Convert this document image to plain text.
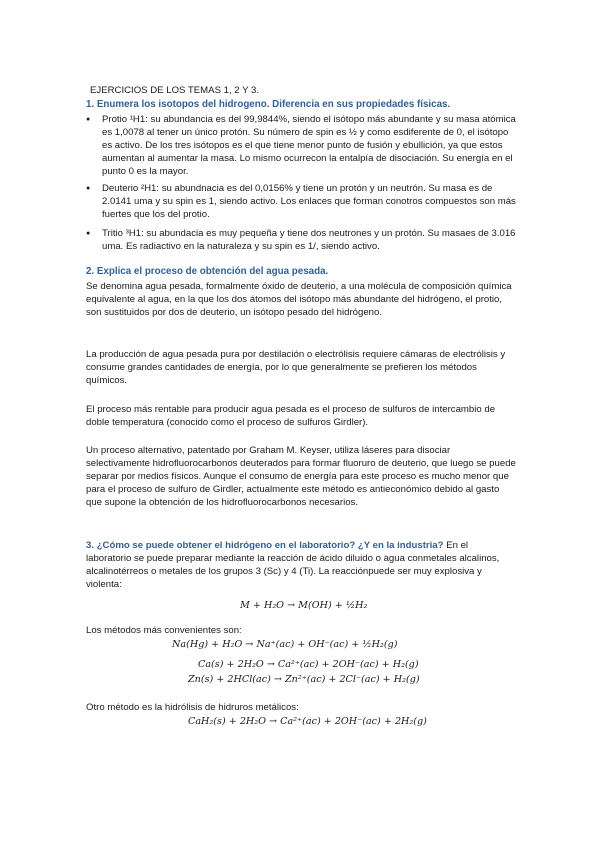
EJERCICIOS DE LOS TEMAS 1, 2 Y 3.
1. Enumera los isotopos del hidrogeno. Diferencia en sus propiedades físicas.
● Protio ¹H1: su abundancia es del 99,9844%, siendo el isótopo más abundante y su masa atómica es 1,0078 al tener un único protón. Su número de spin es ½ y como esdiferente de 0, el isótopo es activo. De los tres isótopos es el que tiene menor punto de fusión y ebullición, ya que estos aumentan al aumentar la masa. Lo mismo ocurrecon la entalpía de disociación. Su energía en el punto 0 es la mayor.
● Deuterio ²H1: su abundnacia es del 0,0156% y tiene un protón y un neutrón. Su masa es de 2.0141 uma y su spin es 1, siendo activo. Los enlaces que forman conotros compuestos son más fuertes que los del protio.
● Tritio ³H1: su abundacia es muy pequeña y tiene dos neutrones y un protón. Su masaes de 3.016 uma. Es radiactivo en la naturaleza y su spin es 1/, siendo activo.
2. Explica el proceso de obtención del agua pesada.

Se denomina agua pesada, formalmente óxido de deuterio, a una molécula de composición química equivalente al agua, en la que los dos átomos del isótopo más abundante del hidrógeno, el protio, son sustituidos por dos de deuterio, un isótopo pesado del hidrógeno.

La producción de agua pesada pura por destilación o electrólisis requiere cámaras de electrólisis y consume grandes cantidades de energía, por lo que generalmente se prefieren los métodos químicos.

El proceso más rentable para producir agua pesada es el proceso de sulfuros de intercambio de doble temperatura (conocido como el proceso de sulfuros Girdler).

Un proceso alternativo, patentado por Graham M. Keyser, utiliza láseres para disociar selectivamente hidrofluorocarbonos deuterados para formar fluoruro de deuterio, que luego se puede separar por medios físicos. Aunque el consumo de energía para este proceso es mucho menor que para el proceso de sulfuro de Girdler, actualmente este método es antieconómico debido al gasto que supone la obtención de los hidrofluorocarbonos necesarios.

3. ¿Cómo se puede obtener el hidrógeno en el laboratorio? ¿Y en la industria? En el laboratorio se puede preparar mediante la reacción de ácido diluido o agua conmetales alcalinos, alcalinotérreos o metales de los grupos 3 (Sc) y 4 (Ti). La reacciónpuede ser muy explosiva y violenta:
M + H₂O → M(OH) + ½H₂
Los métodos más convenientes son:
Na(Hg) + H₂O → Na⁺(ac) + OH⁻(ac) + ½H₂(g)
Ca(s) + 2H₂O → Ca²⁺(ac) + 2OH⁻(ac) + H₂(g)
Zn(s) + 2HCl(ac) → Zn²⁺(ac) + 2Cl⁻(ac) + H₂(g)
Otro método es la hidrólisis de hidruros metálicos:
CaH₂(s) + 2H₂O → Ca²⁺(ac) + 2OH⁻(ac) + 2H₂(g)
